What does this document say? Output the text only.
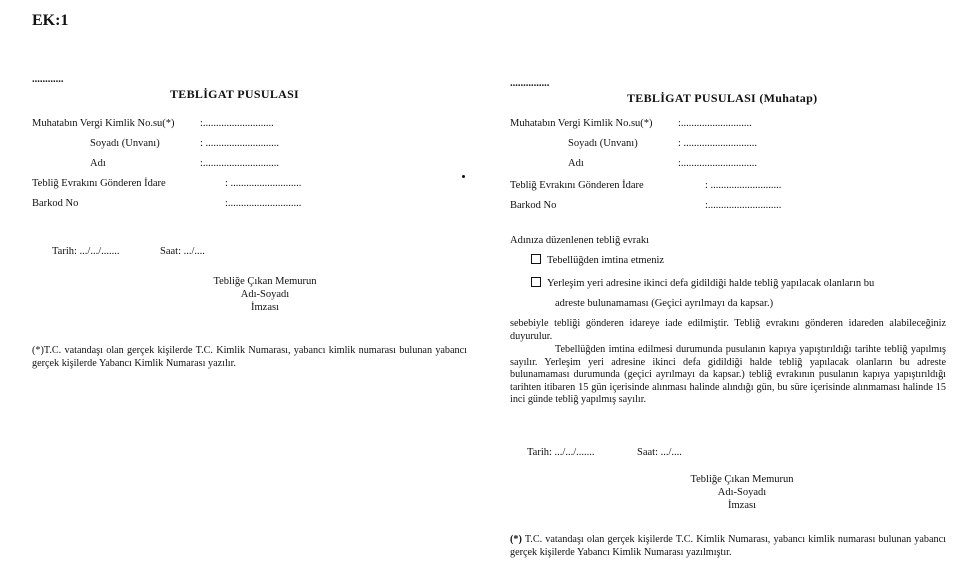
EK:1
............
TEBLİGAT PUSULASI
Muhatabın Vergi Kimlik No.su(*) :...........................
Soyadı (Unvanı)	: ............................
Adı	:.............................
Tebliğ Evrakını Gönderen İdare	: ...........................
Barkod No	:............................
Tarih: .../.../.......	Saat: .../....
Tebliğe Çıkan Memurun
Adı-Soyadı
İmzası
(*)T.C. vatandaşı olan gerçek kişilerde T.C. Kimlik Numarası, yabancı kimlik numarası bulunan yabancı gerçek kişilerde Yabancı Kimlik Numarası yazılır.
...............
TEBLİGAT PUSULASI (Muhatap)
Muhatabın Vergi Kimlik No.su(*) :...........................
Soyadı (Unvanı)	: ............................
Adı	:.............................
Tebliğ Evrakını Gönderen İdare	: ...........................
Barkod No	:............................
Adınıza düzenlenen tebliğ evrakı
Tebellüğden imtina etmeniz
Yerleşim yeri adresine ikinci defa gidildiği halde tebliğ yapılacak olanların bu
adreste bulunamaması (Geçici ayrılmayı da kapsar.)
sebebiyle tebliği gönderen idareye iade edilmiştir. Tebliğ evrakını gönderen idareden alabileceğiniz duyurulur.
Tebellüğden imtina edilmesi durumunda pusulanın kapıya yapıştırıldığı tarihte tebliğ yapılmış sayılır. Yerleşim yeri adresine ikinci defa gidildiği halde tebliğ yapılacak olanların bu adreste bulunamaması durumunda (geçici ayrılmayı da kapsar.) tebliğ evrakının pusulanın kapıya yapıştırıldığı tarihten itibaren 15 gün içerisinde alınması halinde alındığı gün, bu süre içerisinde alınmaması halinde 15 inci günde tebliğ yapılmış sayılır.
Tarih: .../.../.......	Saat: .../....
Tebliğe Çıkan Memurun
Adı-Soyadı
İmzası
(*) T.C. vatandaşı olan gerçek kişilerde T.C. Kimlik Numarası, yabancı kimlik numarası bulunan yabancı gerçek kişilerde Yabancı Kimlik Numarası yazılmıştır.
